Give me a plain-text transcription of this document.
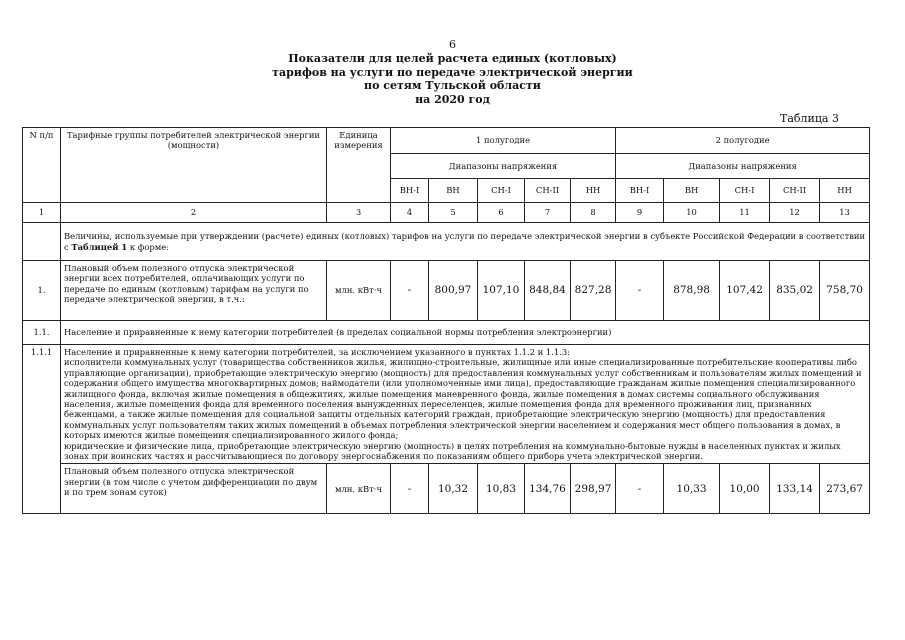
6
Показатели для целей расчета единых (котловых)
тарифов на услуги по передаче электрической энергии
по сетям Тульской области
на 2020 год
Таблица 3
N п/п	Тарифные группы потребителей электрической энергии (мощности)	Единица измерения	1 полугодие					2 полугодие				
			Диапазоны напряжения					Диапазоны напряжения				
			ВН-I	ВН	СН-I	СН-II	НН	ВН-I	ВН	СН-I	СН-II	НН
1	2	3	4	5	6	7	8	9	10	11	12	13
	Величины, используемые при утверждении (расчете) единых (котловых) тарифов на услуги по передаче электрической энергии в субъекте Российской Федерации в соответствии с Таблицей 1 к форме:											
1.	Плановый объем полезного отпуска электрической энергии всех потребителей, оплачивающих услуги по передаче по единым (котловым) тарифам на услуги по передаче электрической энергии, в т.ч.:	млн. кВт·ч	-	800,97	107,10	848,84	827,28	-	878,98	107,42	835,02	758,70
1.1.	Население и приравненные к нему категории потребителей (в пределах социальной нормы потребления электроэнергии)											
1.1.1	Население и приравненные к нему категории потребителей, за исключением указанного в пунктах 1.1.2 и 1.1.3:
исполнители коммунальных услуг (товарищества собственников жилья, жилищно-строительные, жилищные или иные специализированные потребительские кооперативы либо управляющие организации), приобретающие электрическую энергию (мощность) для предоставления коммунальных услуг собственникам и пользователям жилых помещений и содержания общего имущества многоквартирных домов; наймодатели (или уполномоченные ими лица), предоставляющие гражданам жилые помещения специализированного жилищного фонда, включая жилые помещения в общежитиях, жилые помещения маневренного фонда, жилые помещения в домах системы социального обслуживания населения, жилые помещения фонда для временного поселения вынужденных переселенцев, жилые помещения фонда для временного проживания лиц, признанных беженцами, а также жилые помещения для социальной защиты отдельных категорий граждан, приобретающие электрическую энергию (мощность) для предоставления коммунальных услуг пользователям таких жилых помещений в объемах потребления электрической энергии населением и содержания мест общего пользования в домах, в которых имеются жилые помещения специализированного жилого фонда;
юридические и физические лица, приобретающие электрическую энергию (мощность) в целях потребления на коммунально-бытовые нужды в населенных пунктах и жилых зонах при воинских частях и рассчитывающиеся по договору энергоснабжения по показаниям общего прибора учета электрической энергии.											

	Плановый объем полезного отпуска электрической энергии (в том числе с учетом дифференциации по двум и по трем зонам суток)	млн. кВт·ч	-	10,32	10,83	134,76	298,97	-	10,33	10,00	133,14	273,67
